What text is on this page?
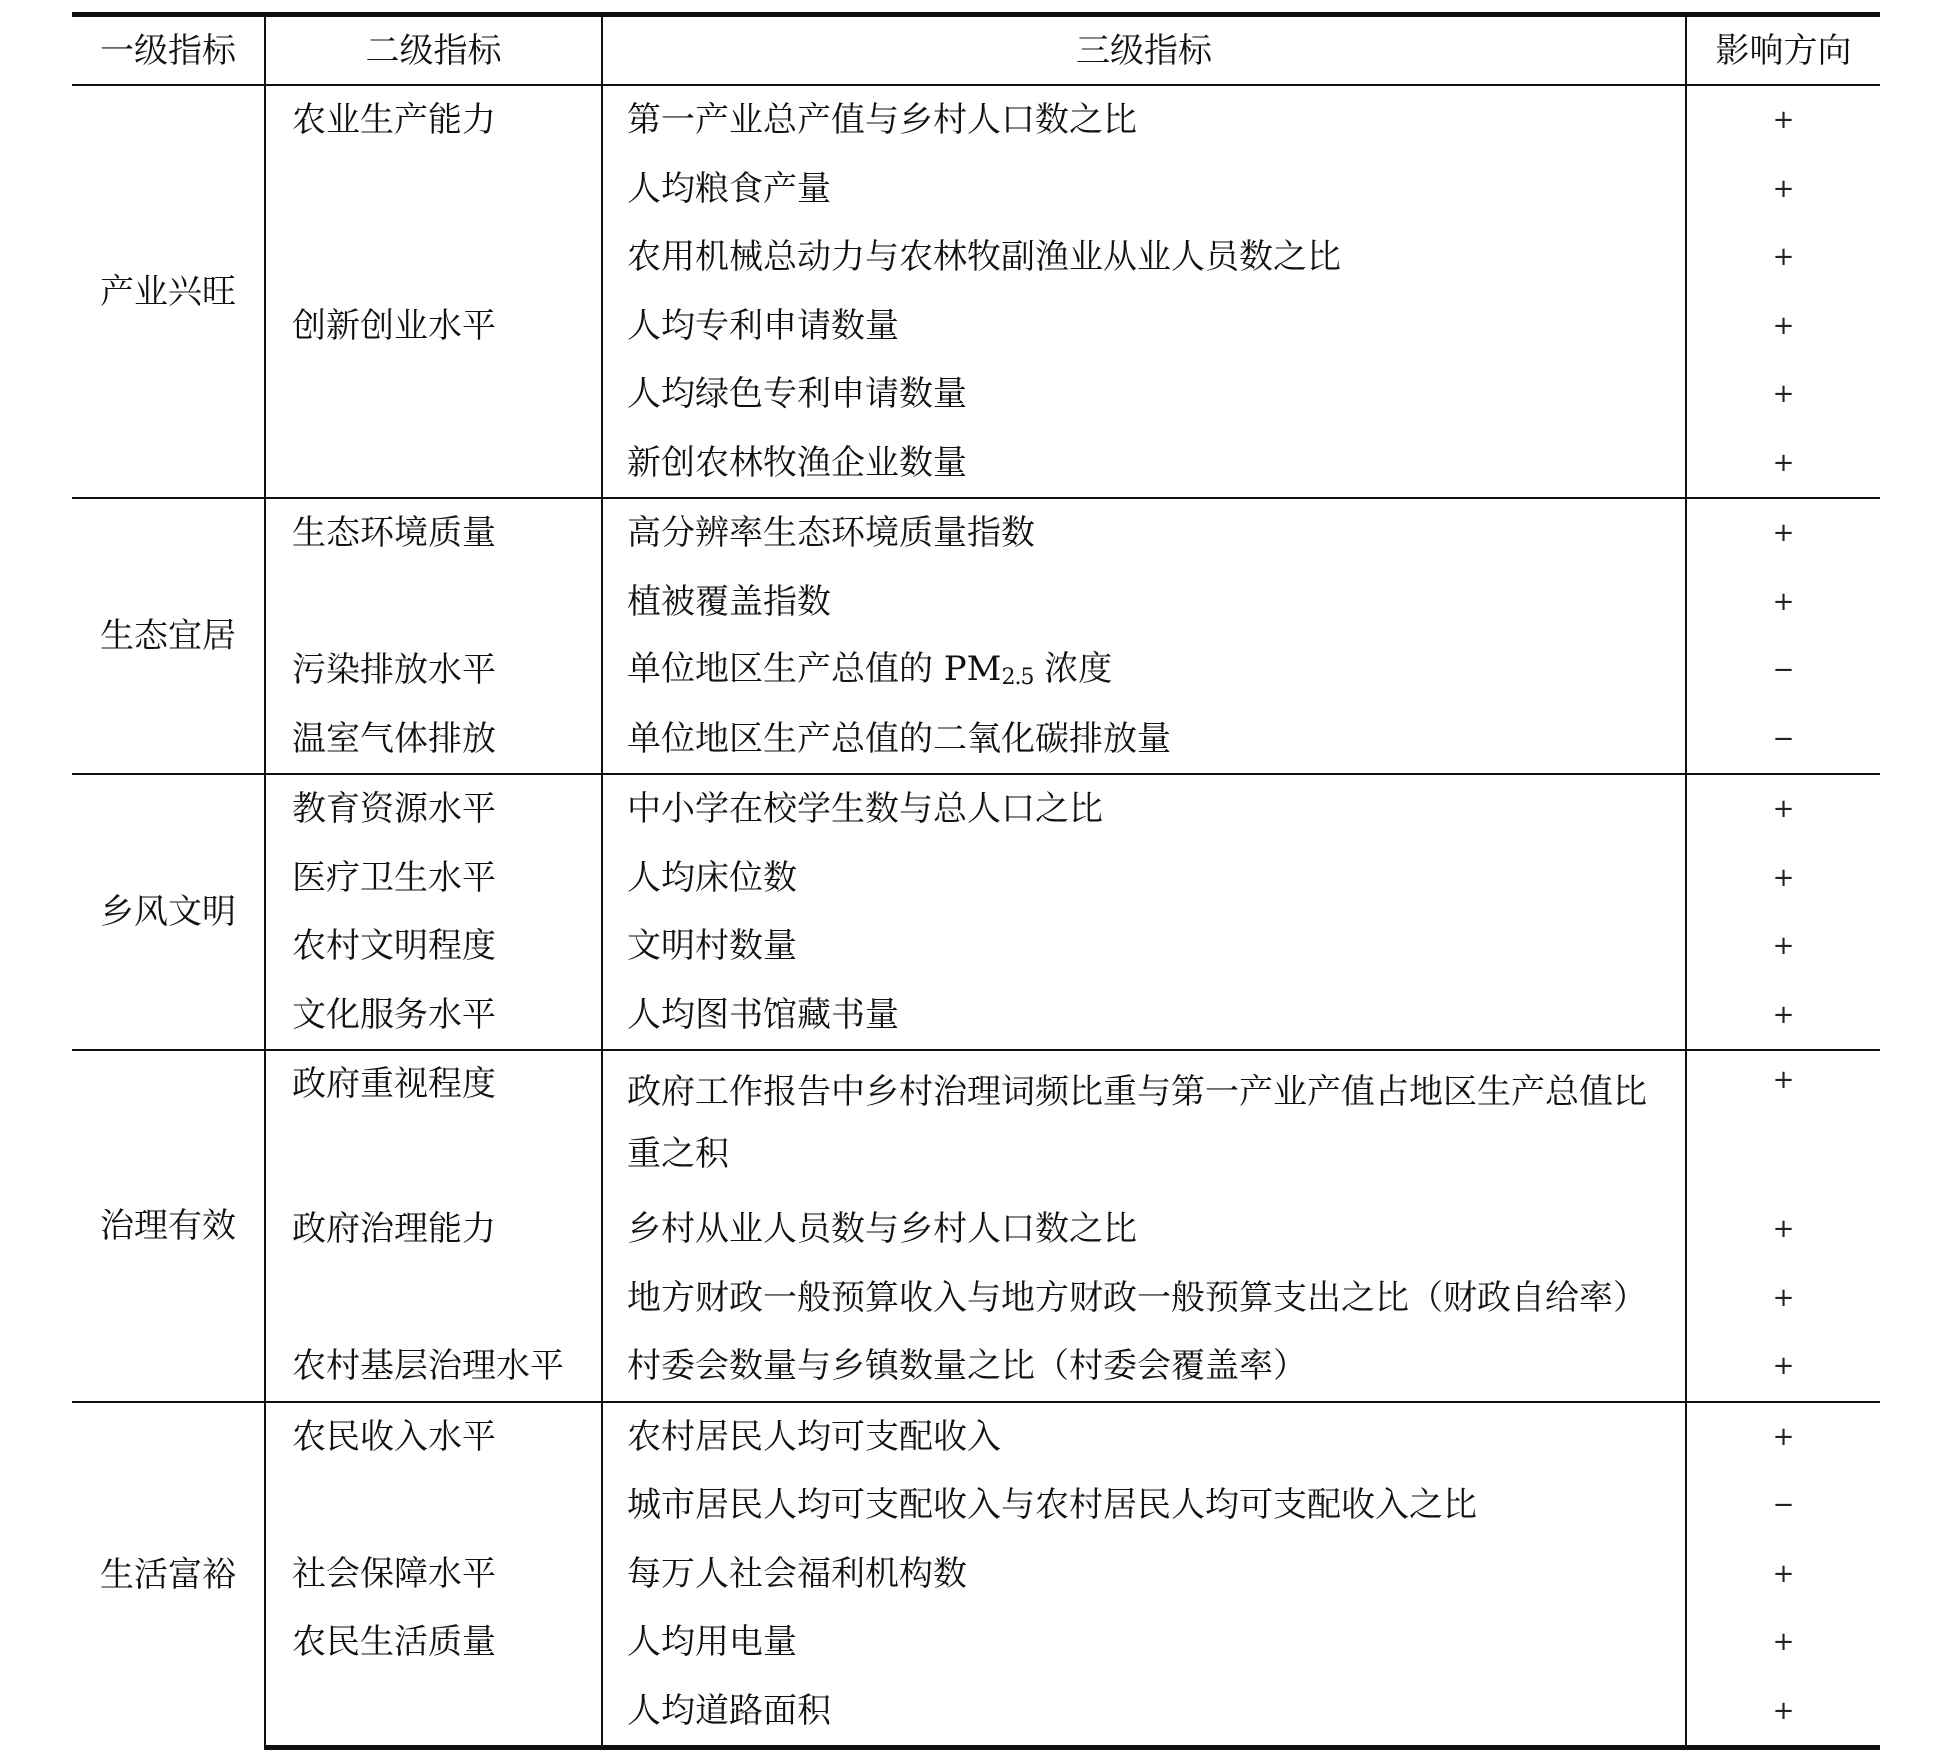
一级指标	二级指标	三级指标	影响方向
产业兴旺	农业生产能力	第一产业总产值与乡村人口数之比	+
		人均粮食产量	+
		农用机械总动力与农林牧副渔业从业人员数之比	+
	创新创业水平	人均专利申请数量	+
		人均绿色专利申请数量	+
		新创农林牧渔企业数量	+
生态宜居	生态环境质量	高分辨率生态环境质量指数	+
		植被覆盖指数	+
	污染排放水平	单位地区生产总值的 $PM_{2.5}$ 浓度	−
	温室气体排放	单位地区生产总值的二氧化碳排放量	−
乡风文明	教育资源水平	中小学在校学生数与总人口之比	+
	医疗卫生水平	人均床位数	+
	农村文明程度	文明村数量	+
	文化服务水平	人均图书馆藏书量	+
治理有效	政府重视程度	政府工作报告中乡村治理词频比重与第一产业产值占地区生产总值比重之积	+
	政府治理能力	乡村从业人员数与乡村人口数之比	+
		地方财政一般预算收入与地方财政一般预算支出之比（财政自给率）	+
	农村基层治理水平	村委会数量与乡镇数量之比（村委会覆盖率）	+
生活富裕	农民收入水平	农村居民人均可支配收入	+
		城市居民人均可支配收入与农村居民人均可支配收入之比	−
	社会保障水平	每万人社会福利机构数	+
	农民生活质量	人均用电量	+
		人均道路面积	+
